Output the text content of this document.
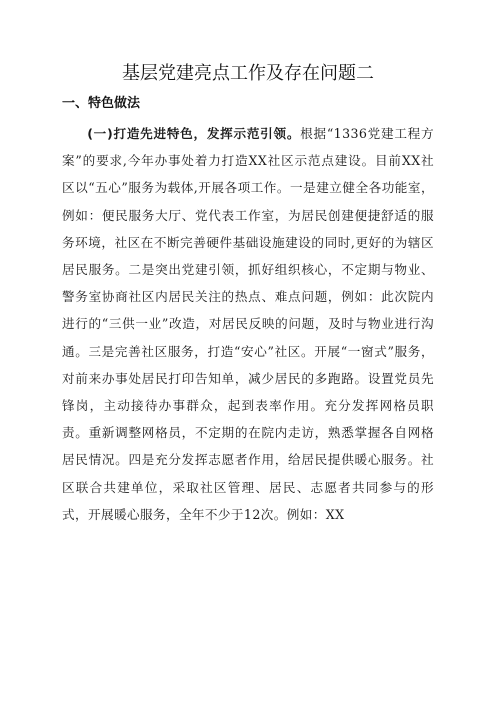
基层党建亮点工作及存在问题二
一、特色做法

(一)打造先进特色，发挥示范引领。根据“1336党建工程方案”的要求,今年办事处着力打造XX社区示范点建设。目前XX社区以“五心”服务为载体,开展各项工作。一是建立健全各功能室，例如：便民服务大厅、党代表工作室，为居民创建便捷舒适的服务环境，社区在不断完善硬件基础设施建设的同时,更好的为辖区居民服务。二是突出党建引领，抓好组织核心，不定期与物业、警务室协商社区内居民关注的热点、难点问题，例如：此次院内进行的“三供一业”改造，对居民反映的问题，及时与物业进行沟通。三是完善社区服务，打造“安心”社区。开展“一窗式”服务，对前来办事处居民打印告知单，减少居民的多跑路。设置党员先锋岗，主动接待办事群众，起到表率作用。充分发挥网格员职责。重新调整网格员，不定期的在院内走访，熟悉掌握各自网格居民情况。四是充分发挥志愿者作用，给居民提供暖心服务。社区联合共建单位，采取社区管理、居民、志愿者共同参与的形式，开展暖心服务，全年不少于12次。例如：XX
